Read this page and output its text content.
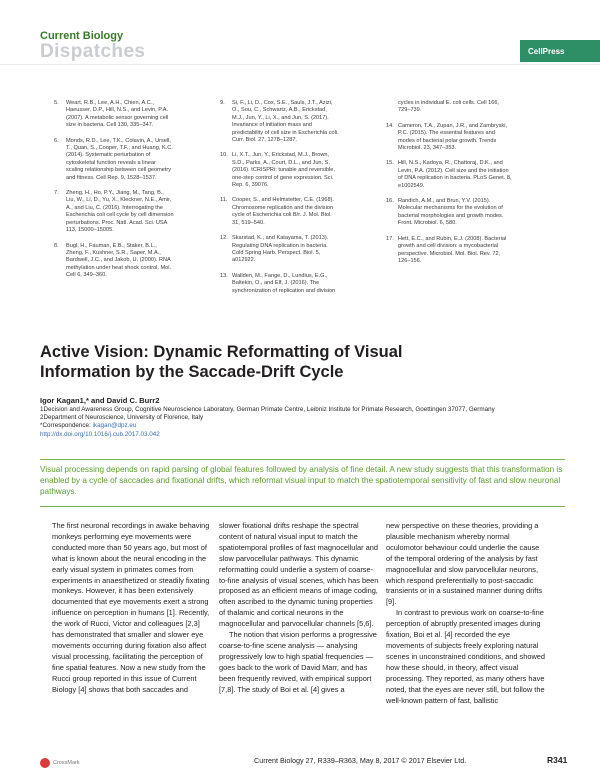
Current Biology
Dispatches	CellPress
5. Weart, R.B., Lee, A.H., Chien, A.C., Haeusser, D.P., Hill, N.S., and Levin, P.A. (2007). A metabolic sensor governing cell size in bacteria. Cell 130, 335–347.
6. Monds, R.D., Lee, T.K., Colavin, A., Ursell, T., Quan, S., Cooper, T.F., and Huang, K.C. (2014). Systematic perturbation of cytoskeletal function reveals a linear scaling relationship between cell geometry and fitness. Cell Rep. 9, 1528–1537.
7. Zheng, H., Ho, P.Y., Jiang, M., Tang, B., Liu, W., Li, D., Yu, X., Kleckner, N.E., Amir, A., and Liu, C. (2016). Interrogating the Escherichia coli cell cycle by cell dimension perturbations. Proc. Natl. Acad. Sci. USA 113, 15000–15005.
8. Bugl, H., Fauman, E.B., Staker, B.L., Zheng, F., Kushner, S.R., Saper, M.A., Bardwell, J.C., and Jakob, U. (2000). RNA methylation under heat shock control. Mol. Cell 6, 349–360.
9. Si, F., Li, D., Cox, S.E., Sauls, J.T., Azizi, O., Sou, C., Schwartz, A.B., Erickstad, M.J., Jun, Y., Li, X., and Jun, S. (2017). Invariance of initiation mass and predictability of cell size in Escherichia coli. Curr. Biol. 27, 1278–1287.
10. Li, X.T., Jun, Y., Erickstad, M.J., Brown, S.D., Parks, A., Court, D.L., and Jun, S. (2016). tCRISPRi: tunable and reversible, one-step control of gene expression. Sci. Rep. 6, 39076.
11. Cooper, S., and Helmstetter, C.E. (1968). Chromosome replication and the division cycle of Escherichia coli B/r. J. Mol. Biol. 31, 519–540.
12. Skarstad, K., and Katayama, T. (2013). Regulating DNA replication in bacteria. Cold Spring Harb. Perspect. Biol. 5, a012922.
13. Wallden, M., Fange, D., Lundius, E.G., Baltekin, O., and Elf, J. (2016). The synchronization of replication and division
cycles in individual E. coli cells. Cell 166, 729–739.
14. Cameron, T.A., Zupan, J.R., and Zambryski, P.C. (2015). The essential features and modes of bacterial polar growth. Trends Microbiol. 23, 347–353.
15. Hill, N.S., Kadoya, R., Chattoraj, D.K., and Levin, P.A. (2012). Cell size and the initiation of DNA replication in bacteria. PLoS Genet. 8, e1002549.
16. Randich, A.M., and Brun, Y.V. (2015). Molecular mechanisms for the evolution of bacterial morphologies and growth modes. Front. Microbiol. 6, 580.
17. Hett, E.C., and Rubin, E.J. (2008). Bacterial growth and cell division: a mycobacterial perspective. Microbiol. Mol. Biol. Rev. 72, 126–156.
Active Vision: Dynamic Reformatting of Visual Information by the Saccade-Drift Cycle
Igor Kagan1,* and David C. Burr2
1Decision and Awareness Group, Cognitive Neuroscience Laboratory, German Primate Centre, Leibniz Institute for Primate Research, Goettingen 37077, Germany
2Department of Neuroscience, University of Florence, Italy
*Correspondence: ikagan@dpz.eu
http://dx.doi.org/10.1016/j.cub.2017.03.042
Visual processing depends on rapid parsing of global features followed by analysis of fine detail. A new study suggests that this transformation is enabled by a cycle of saccades and fixational drifts, which reformat visual input to match the spatiotemporal sensitivity of fast and slow neuronal pathways.

The first neuronal recordings in awake behaving monkeys performing eye movements were conducted more than 50 years ago, but most of what is known about the neural encoding in the early visual system in primates comes from experiments in anaesthetized or steadily fixating monkeys. However, it has been extensively documented that eye movements exert a strong influence on perception in humans [1]. Recently, the work of Rucci, Victor and colleagues [2,3] has demonstrated that smaller and slower eye movements occurring during fixation also affect visual processing, facilitating the perception of fine spatial features. Now a new study from the Rucci group reported in this issue of Current Biology [4] shows that both saccades and

slower fixational drifts reshape the spectral content of natural visual input to match the spatiotemporal profiles of fast magnocellular and slow parvocellular pathways. This dynamic reformatting could underlie a system of coarse-to-fine analysis of visual scenes, which has been proposed as an efficient means of image coding, often ascribed to the dynamic tuning properties of thalamic and cortical neurons in the magnocellular and parvocellular channels [5,6].

The notion that vision performs a progressive coarse-to-fine scene analysis — analysing progressively low to high spatial frequencies — goes back to the work of David Marr, and has been frequently revived, with empirical support [7,8]. The study of Boi et al. [4] gives a

new perspective on these theories, providing a plausible mechanism whereby normal oculomotor behaviour could underlie the cause of the temporal ordering of the analysis by fast magnocellular and slow parvocellular neurons, which respond preferentially to post-saccadic transients or in a sustained manner during drifts [9].

In contrast to previous work on coarse-to-fine perception of abruptly presented images during fixation, Boi et al. [4] recorded the eye movements of subjects freely exploring natural scenes in unconstrained conditions, and showed how these should, in theory, affect visual processing. They reported, as many others have noted, that the eyes are never still, but follow the well-known pattern of fast, ballistic

CrossMark	Current Biology 27, R339–R363, May 8, 2017 © 2017 Elsevier Ltd.	R341
